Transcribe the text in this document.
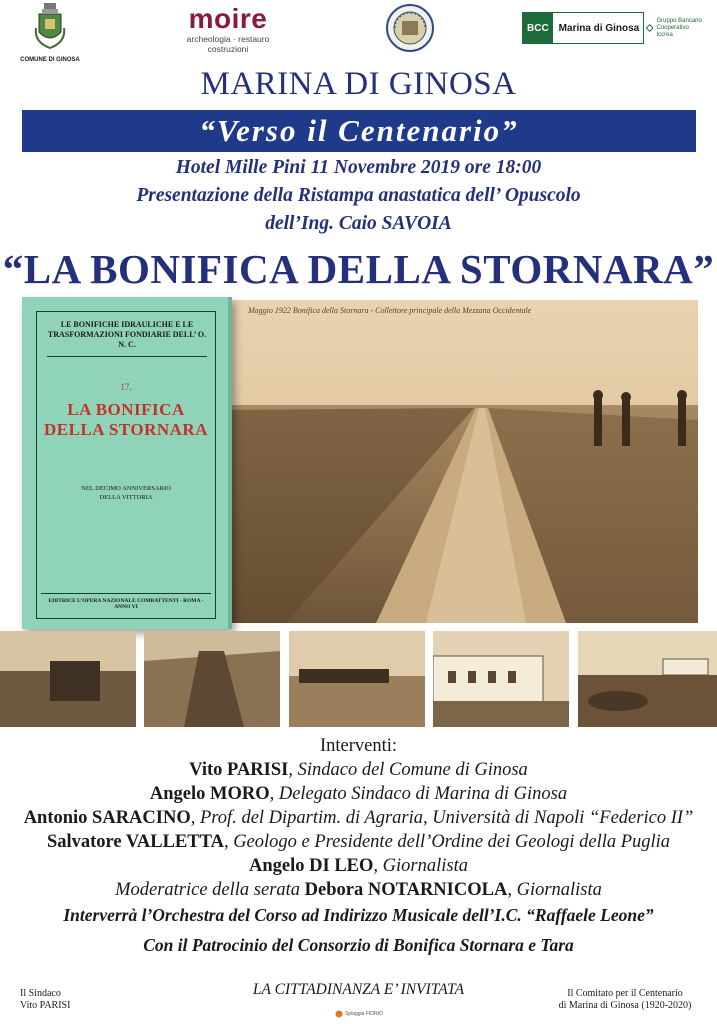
COMUNE DI GINOSA
moire
archeologia · restauro costruzioni
BCC	Marina di Ginosa
Gruppo Bancario Cooperativo Iccrea
MARINA DI GINOSA
“Verso il Centenario”
Hotel Mille Pini 11 Novembre 2019 ore 18:00
Presentazione della Ristampa anastatica dell’ Opuscolo
dell’Ing. Caio SAVOIA
“LA BONIFICA DELLA STORNARA”
Maggio 1922 Bonifica della Stornara - Collettore principale della Mezzana Occidentale
LE BONIFICHE IDRAULICHE E LE TRASFORMAZIONI FONDIARIE DELL’ O. N. C.
17.
LA BONIFICA
DELLA STORNARA
NEL DECIMO ANNIVERSARIO
DELLA VITTORIA
EDITRICE L’OPERA NAZIONALE COMBATTENTI - ROMA - ANNO VI
Interventi:
Vito PARISI, Sindaco del Comune di Ginosa
Angelo MORO, Delegato Sindaco di Marina di Ginosa
Antonio SARACINO, Prof. del Dipartim. di Agraria, Università di Napoli “Federico II”
Salvatore VALLETTA, Geologo e Presidente dell’Ordine dei Geologi della Puglia
Angelo DI LEO, Giornalista
Moderatrice della serata Debora NOTARNICOLA, Giornalista
Interverrà l’Orchestra del Corso ad Indirizzo Musicale dell’I.C. “Raffaele Leone”
Con il Patrocinio del Consorzio di Bonifica Stornara e Tara
Il Sindaco
Vito PARISI
LA CITTADINANZA E’ INVITATA	Il Comitato per il Centenario
di Marina di Ginosa (1920-2020)
Spiaggia FIORIO
